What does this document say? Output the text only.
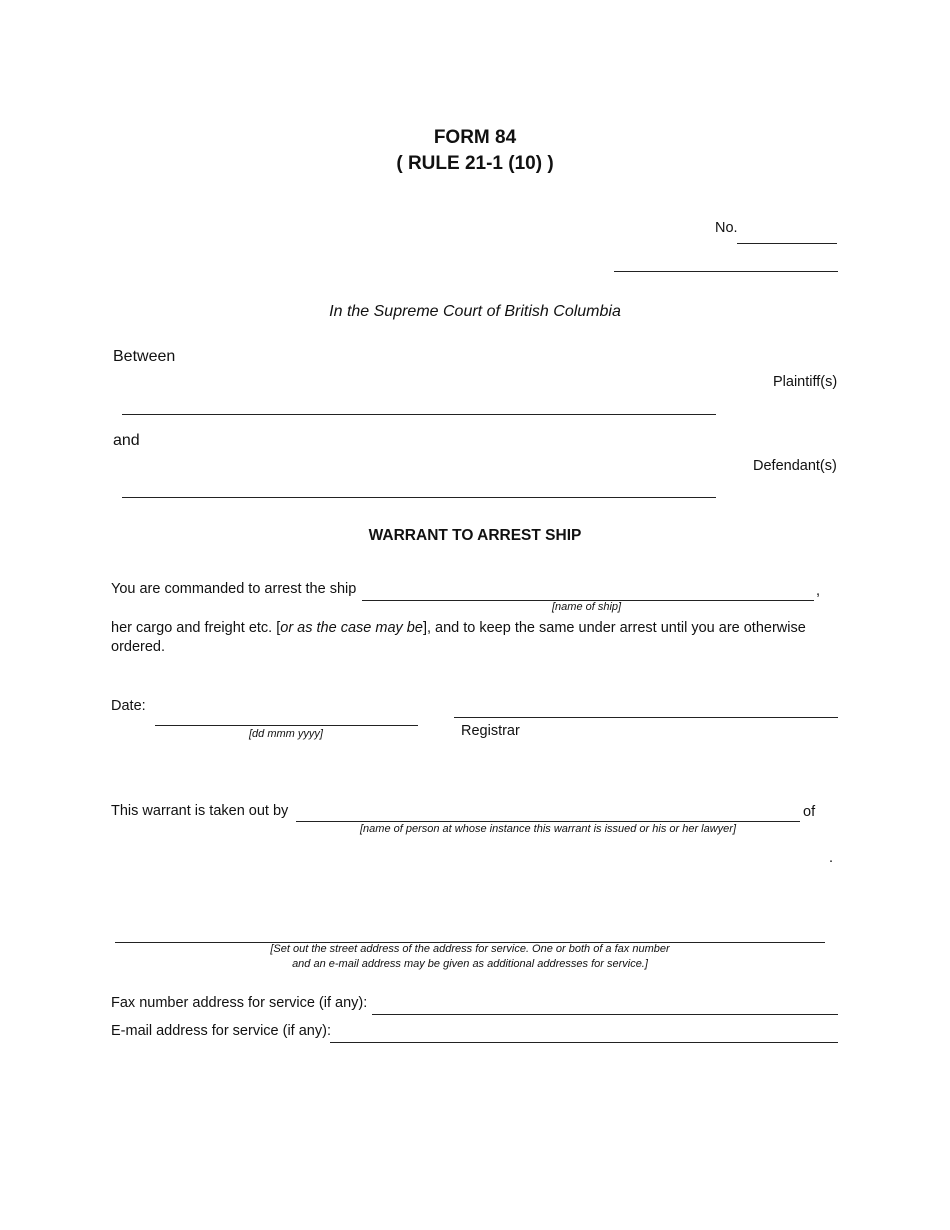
FORM 84
( RULE 21-1 (10) )
No.
In the Supreme Court of British Columbia
Between
Plaintiff(s)
and
Defendant(s)
WARRANT TO ARREST SHIP
You are commanded to arrest the ship	,
[name of ship]
her cargo and freight etc. [or as the case may be], and to keep the same under arrest until you are otherwise
ordered.
Date:
[dd mmm yyyy]	Registrar
This warrant is taken out by	of
[name of person at whose instance this warrant is issued or his or her lawyer]
.
[Set out the street address of the address for service. One or both of a fax number
and an e-mail address may be given as additional addresses for service.]
Fax number address for service (if any):
E-mail address for service (if any):
